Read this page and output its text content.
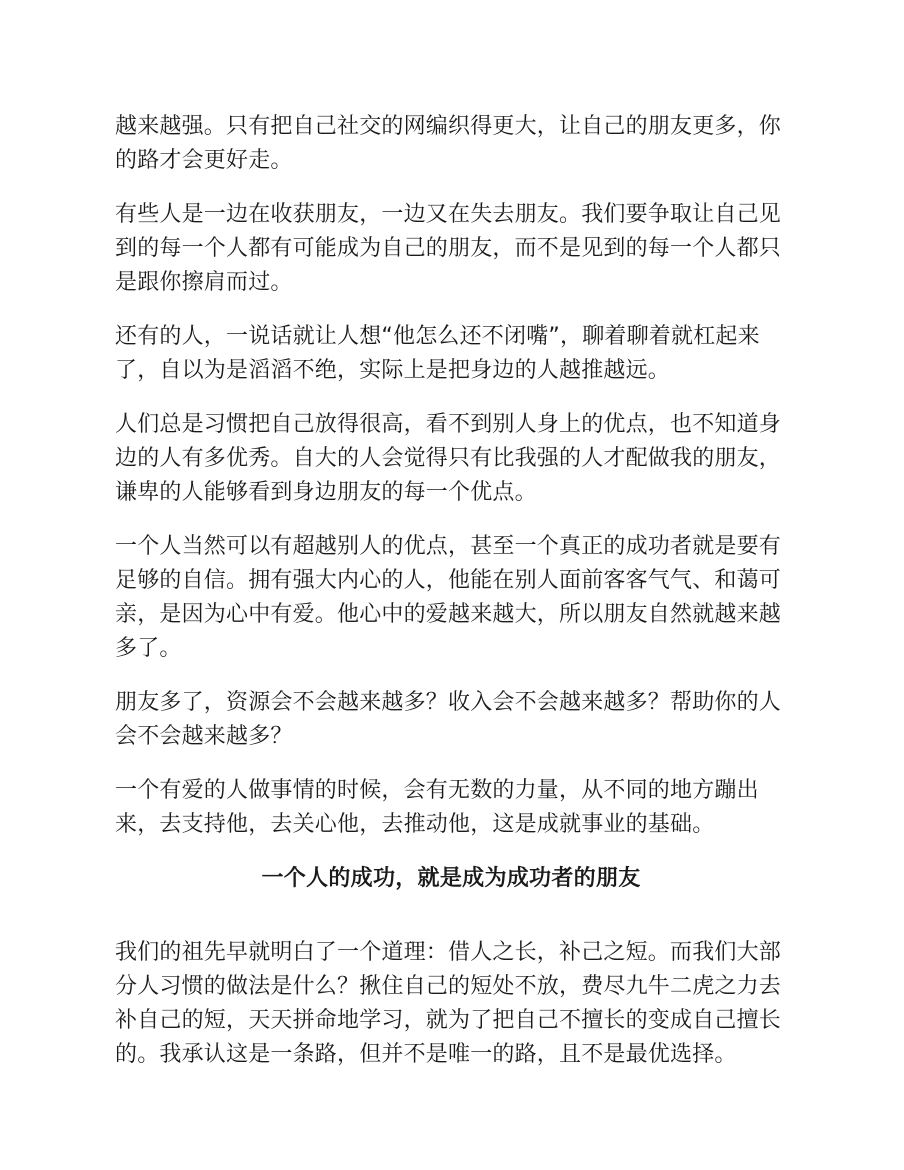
越来越强。只有把自己社交的网编织得更大，让自己的朋友更多，你的路才会更好走。

有些人是一边在收获朋友，一边又在失去朋友。我们要争取让自己见到的每一个人都有可能成为自己的朋友，而不是见到的每一个人都只是跟你擦肩而过。

还有的人，一说话就让人想“他怎么还不闭嘴”，聊着聊着就杠起来了，自以为是滔滔不绝，实际上是把身边的人越推越远。

人们总是习惯把自己放得很高，看不到别人身上的优点，也不知道身边的人有多优秀。自大的人会觉得只有比我强的人才配做我的朋友，谦卑的人能够看到身边朋友的每一个优点。

一个人当然可以有超越别人的优点，甚至一个真正的成功者就是要有足够的自信。拥有强大内心的人，他能在别人面前客客气气、和蔼可亲，是因为心中有爱。他心中的爱越来越大，所以朋友自然就越来越多了。

朋友多了，资源会不会越来越多？收入会不会越来越多？帮助你的人会不会越来越多？

一个有爱的人做事情的时候，会有无数的力量，从不同的地方蹦出来，去支持他，去关心他，去推动他，这是成就事业的基础。

一个人的成功，就是成为成功者的朋友

我们的祖先早就明白了一个道理：借人之长，补己之短。而我们大部分人习惯的做法是什么？揪住自己的短处不放，费尽九牛二虎之力去补自己的短，天天拼命地学习，就为了把自己不擅长的变成自己擅长的。我承认这是一条路，但并不是唯一的路，且不是最优选择。
